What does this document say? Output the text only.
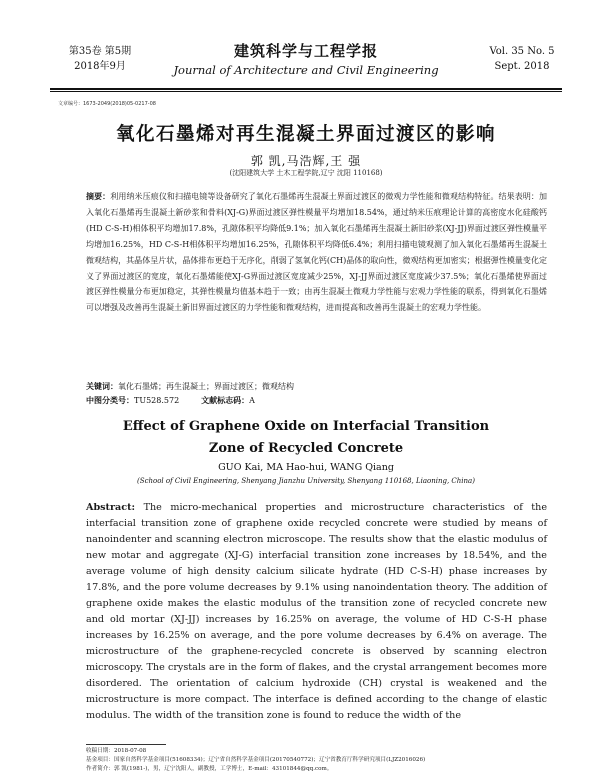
第35卷 第5期
2018年9月
建筑科学与工程学报
Journal of Architecture and Civil Engineering
Vol. 35 No. 5
Sept. 2018
文章编号：1673-2049(2018)05-0217-08
氧化石墨烯对再生混凝土界面过渡区的影响
郭 凯,马浩辉,王 强
(沈阳建筑大学 土木工程学院,辽宁 沈阳 110168)
摘要：利用纳米压痕仪和扫描电镜等设备研究了氧化石墨烯再生混凝土界面过渡区的微观力学性能和微观结构特征。结果表明：加入氧化石墨烯再生混凝土新砂浆和骨料(XJ-G)界面过渡区弹性模量平均增加18.54%，通过纳米压痕理论计算的高密度水化硅酸钙(HD C-S-H)相体积平均增加17.8%，孔隙体积平均降低9.1%；加入氧化石墨烯再生混凝土新旧砂浆(XJ-JJ)界面过渡区弹性模量平均增加16.25%，HD C-S-H相体积平均增加16.25%，孔隙体积平均降低6.4%；利用扫描电镜观测了加入氧化石墨烯再生混凝土微观结构，其晶体呈片状，晶体排布更趋于无序化，削弱了氢氧化钙(CH)晶体的取向性，微观结构更加密实；根据弹性模量变化定义了界面过渡区的宽度，氧化石墨烯能使XJ-G界面过渡区宽度减少25%，XJ-JJ界面过渡区宽度减少37.5%；氧化石墨烯使界面过渡区弹性模量分布更加稳定，其弹性模量均值基本趋于一致；由再生混凝土微观力学性能与宏观力学性能的联系，得到氧化石墨烯可以增强及改善再生混凝土新旧界面过渡区的力学性能和微观结构，进而提高和改善再生混凝土的宏观力学性能。
关键词：氧化石墨烯；再生混凝土；界面过渡区；微观结构
中图分类号：TU528.572	文献标志码：A
Effect of Graphene Oxide on Interfacial Transition
Zone of Recycled Concrete
GUO Kai, MA Hao-hui, WANG Qiang
(School of Civil Engineering, Shenyang Jianzhu University, Shenyang 110168, Liaoning, China)
Abstract: The micro-mechanical properties and microstructure characteristics of the interfacial transition zone of graphene oxide recycled concrete were studied by means of nanoindenter and scanning electron microscope. The results show that the elastic modulus of new motar and aggregate (XJ-G) interfacial transition zone increases by 18.54%, and the average volume of high density calcium silicate hydrate (HD C-S-H) phase increases by 17.8%, and the pore volume decreases by 9.1% using nanoindentation theory. The addition of graphene oxide makes the elastic modulus of the transition zone of recycled concrete new and old mortar (XJ-JJ) increases by 16.25% on average, the volume of HD C-S-H phase increases by 16.25% on average, and the pore volume decreases by 6.4% on average. The microstructure of the graphene-recycled concrete is observed by scanning electron microscopy. The crystals are in the form of flakes, and the crystal arrangement becomes more disordered. The orientation of calcium hydroxide (CH) crystal is weakened and the microstructure is more compact. The interface is defined according to the change of elastic modulus. The width of the transition zone is found to reduce the width of the
收稿日期：2018-07-08
基金项目：国家自然科学基金项目(51608334)；辽宁省自然科学基金项目(20170540772)；辽宁省教育厅科学研究项目(LJZ2016026)
作者简介：郭 凯(1981-)，男，辽宁沈阳人，副教授，工学博士，E-mail：43101844@qq.com。
